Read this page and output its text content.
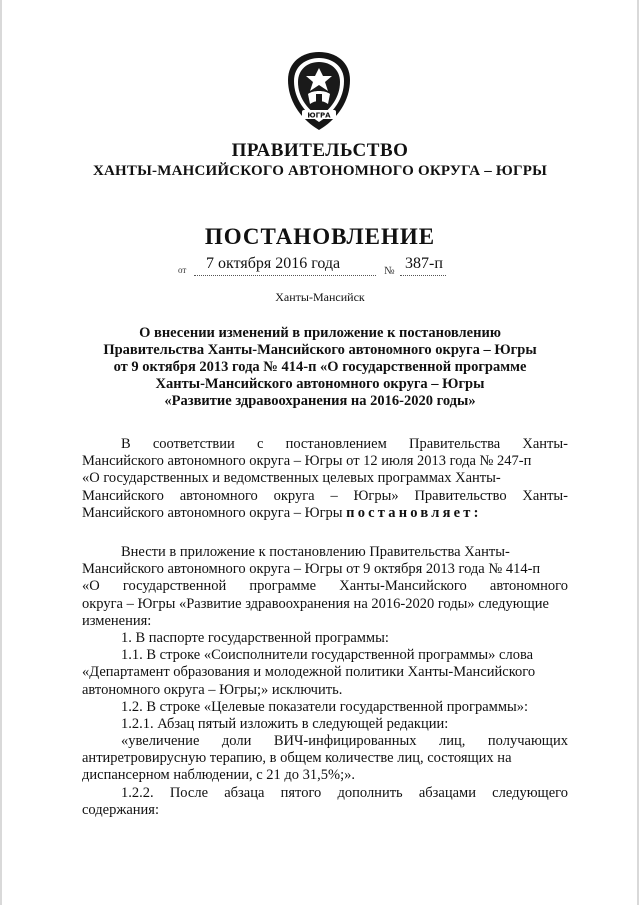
ЮГРА
ПРАВИТЕЛЬСТВО
ХАНТЫ-МАНСИЙСКОГО АВТОНОМНОГО ОКРУГА – ЮГРЫ
ПОСТАНОВЛЕНИЕ
от 7 октября 2016 года	№ 387-п
Ханты-Мансийск
О внесении изменений в приложение к постановлению
Правительства Ханты-Мансийского автономного округа – Югры
от 9 октября 2013 года № 414-п «О государственной программе
Ханты-Мансийского автономного округа – Югры
«Развитие здравоохранения на 2016-2020 годы»
В соответствии с постановлением Правительства Ханты-
Мансийского автономного округа – Югры от 12 июля 2013 года № 247-п
«О государственных и ведомственных целевых программах Ханты-
Мансийского автономного округа – Югры» Правительство Ханты-
Мансийского автономного округа – Югры постановляет:
Внести в приложение к постановлению Правительства Ханты-
Мансийского автономного округа – Югры от 9 октября 2013 года № 414-п
«О государственной программе Ханты-Мансийского автономного
округа – Югры «Развитие здравоохранения на 2016-2020 годы» следующие
изменения:
1. В паспорте государственной программы:
1.1. В строке «Соисполнители государственной программы» слова
«Департамент образования и молодежной политики Ханты-Мансийского
автономного округа – Югры;» исключить.
1.2. В строке «Целевые показатели государственной программы»:
1.2.1. Абзац пятый изложить в следующей редакции:
«увеличение доли ВИЧ-инфицированных лиц, получающих
антиретровирусную терапию, в общем количестве лиц, состоящих на
диспансерном наблюдении, с 21 до 31,5%;».
1.2.2. После абзаца пятого дополнить абзацами следующего
содержания:
